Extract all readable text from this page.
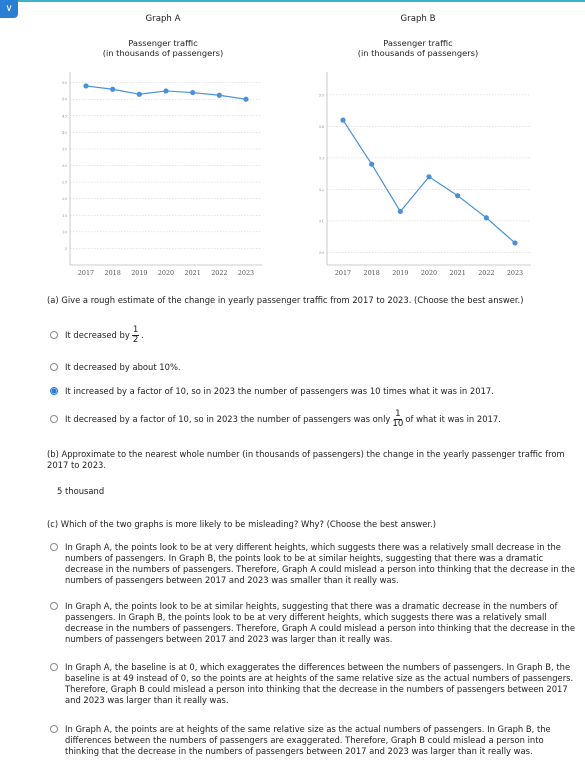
∨
Graph A
Passenger traffic
(in thousands of passengers)
Graph B
Passenger traffic
(in thousands of passengers)
5
10
15
20
25
30
35
40
45
50
55
2017 2018 2019 2020 2021 2022 2023
50
51
52
53
54
55
2017 2018 2019 2020 2021 2022 2023
(a) Give a rough estimate of the change in yearly passenger traffic from 2017 to 2023. (Choose the best answer.)
It decreased by $\frac{1}{2}$ .
It decreased by about 10%.
It increased by a factor of 10, so in 2023 the number of passengers was 10 times what it was in 2017.
It decreased by a factor of 10, so in 2023 the number of passengers was only $\frac{1}{10}$ of what it was in 2017.
(b) Approximate to the nearest whole number (in thousands of passengers) the change in the yearly passenger traffic from 2017 to 2023.
5 thousand
(c) Which of the two graphs is more likely to be misleading? Why? (Choose the best answer.)
In Graph A, the points look to be at very different heights, which suggests there was a relatively small decrease in the numbers of passengers. In Graph B, the points look to be at similar heights, suggesting that there was a dramatic decrease in the numbers of passengers. Therefore, Graph A could mislead a person into thinking that the decrease in the numbers of passengers between 2017 and 2023 was smaller than it really was.
In Graph A, the points look to be at similar heights, suggesting that there was a dramatic decrease in the numbers of passengers. In Graph B, the points look to be at very different heights, which suggests there was a relatively small decrease in the numbers of passengers. Therefore, Graph A could mislead a person into thinking that the decrease in the numbers of passengers between 2017 and 2023 was larger than it really was.
In Graph A, the baseline is at 0, which exaggerates the differences between the numbers of passengers. In Graph B, the baseline is at 49 instead of 0, so the points are at heights of the same relative size as the actual numbers of passengers. Therefore, Graph B could mislead a person into thinking that the decrease in the numbers of passengers between 2017 and 2023 was larger than it really was.
In Graph A, the points are at heights of the same relative size as the actual numbers of passengers. In Graph B, the differences between the numbers of passengers are exaggerated. Therefore, Graph B could mislead a person into thinking that the decrease in the numbers of passengers between 2017 and 2023 was larger than it really was.
